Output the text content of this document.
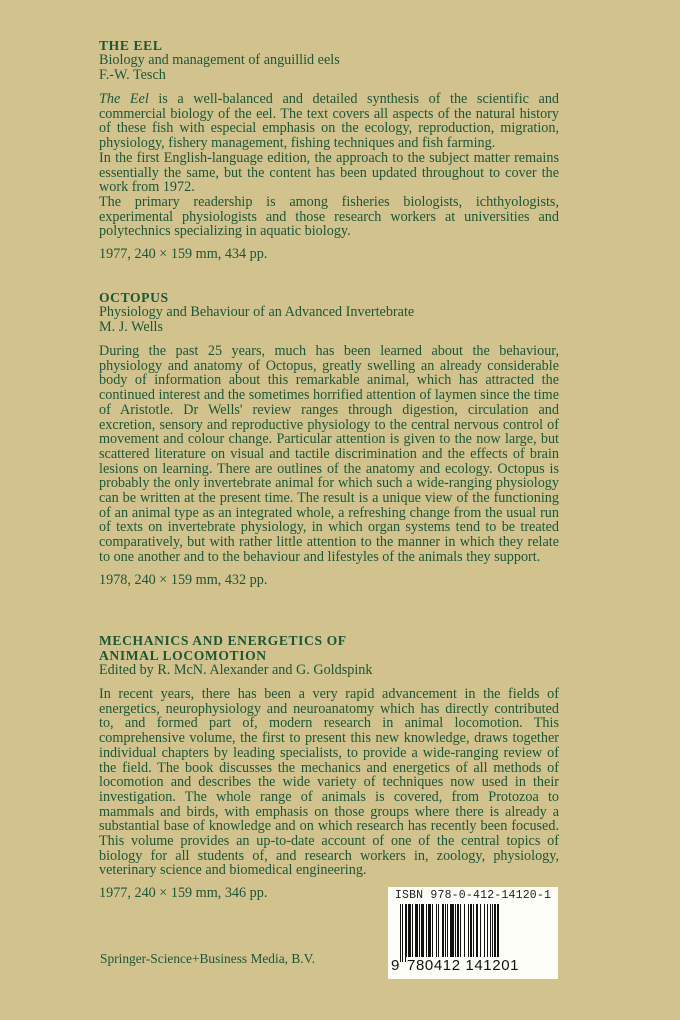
THE EEL
Biology and management of anguillid eels
F.-W. Tesch

The Eel is a well-balanced and detailed synthesis of the scientific and commercial biology of the eel. The text covers all aspects of the natural history of these fish with especial emphasis on the ecology, reproduction, migration, physiology, fishery management, fishing techniques and fish farming.

In the first English-language edition, the approach to the subject matter remains essentially the same, but the content has been updated throughout to cover the work from 1972.

The primary readership is among fisheries biologists, ichthyologists, experimental physiologists and those research workers at universities and polytechnics specializing in aquatic biology.

1977, 240 × 159 mm, 434 pp.
OCTOPUS
Physiology and Behaviour of an Advanced Invertebrate
M. J. Wells

During the past 25 years, much has been learned about the behaviour, physiology and anatomy of Octopus, greatly swelling an already considerable body of information about this remarkable animal, which has attracted the continued interest and the sometimes horrified attention of laymen since the time of Aristotle. Dr Wells' review ranges through digestion, circulation and excretion, sensory and reproductive physiology to the central nervous control of movement and colour change. Particular attention is given to the now large, but scattered literature on visual and tactile discrimination and the effects of brain lesions on learning. There are outlines of the anatomy and ecology. Octopus is probably the only invertebrate animal for which such a wide-ranging physiology can be written at the present time. The result is a unique view of the functioning of an animal type as an integrated whole, a refreshing change from the usual run of texts on invertebrate physiology, in which organ systems tend to be treated comparatively, but with rather little attention to the manner in which they relate to one another and to the behaviour and lifestyles of the animals they support.

1978, 240 × 159 mm, 432 pp.
MECHANICS AND ENERGETICS OF
ANIMAL LOCOMOTION
Edited by R. McN. Alexander and G. Goldspink

In recent years, there has been a very rapid advancement in the fields of energetics, neurophysiology and neuroanatomy which has directly contributed to, and formed part of, modern research in animal locomotion. This comprehensive volume, the first to present this new knowledge, draws together individual chapters by leading specialists, to provide a wide-ranging review of the field. The book discusses the mechanics and energetics of all methods of locomotion and describes the wide variety of techniques now used in their investigation. The whole range of animals is covered, from Protozoa to mammals and birds, with emphasis on those groups where there is already a substantial base of knowledge and on which research has recently been focused. This volume provides an up-to-date account of one of the central topics of biology for all students of, and research workers in, zoology, physiology, veterinary science and biomedical engineering.

1977, 240 × 159 mm, 346 pp.
Springer-Science+Business Media, B.V.
ISBN 978-0-412-14120-1
9 780412 141201
